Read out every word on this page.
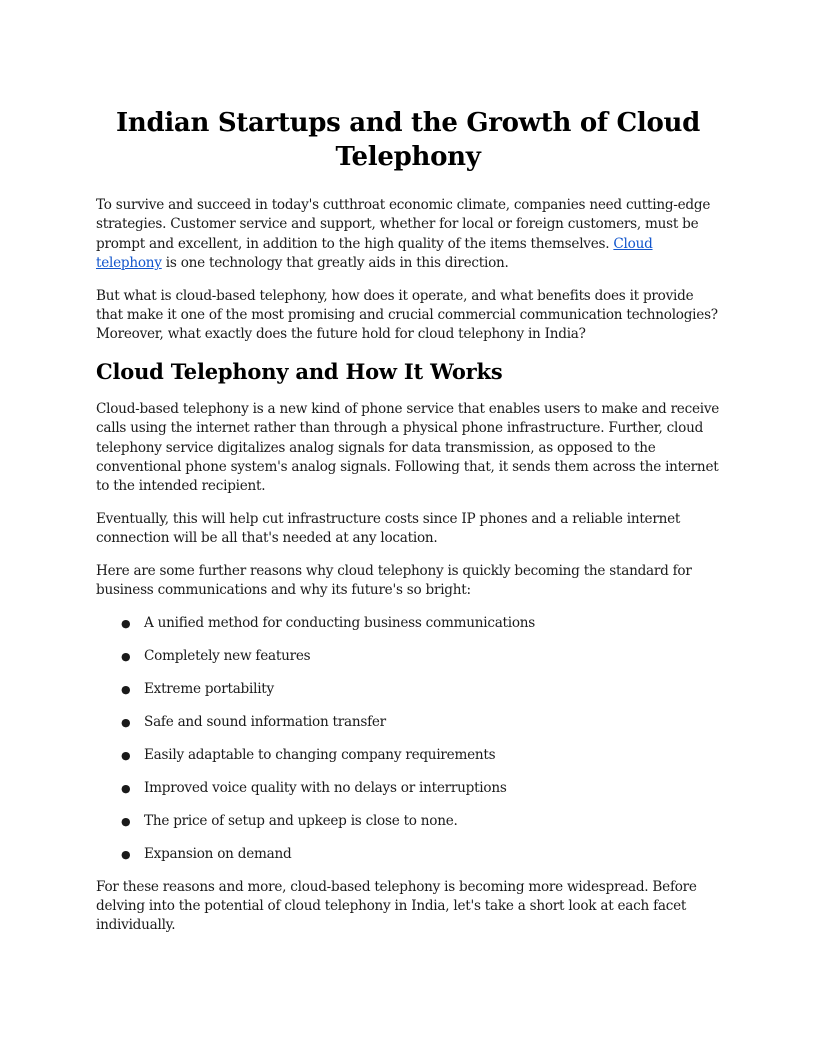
Indian Startups and the Growth of Cloud Telephony

To survive and succeed in today's cutthroat economic climate, companies need cutting-edge strategies. Customer service and support, whether for local or foreign customers, must be prompt and excellent, in addition to the high quality of the items themselves. Cloud telephony is one technology that greatly aids in this direction.

But what is cloud-based telephony, how does it operate, and what benefits does it provide that make it one of the most promising and crucial commercial communication technologies? Moreover, what exactly does the future hold for cloud telephony in India?

Cloud Telephony and How It Works

Cloud-based telephony is a new kind of phone service that enables users to make and receive calls using the internet rather than through a physical phone infrastructure. Further, cloud telephony service digitalizes analog signals for data transmission, as opposed to the conventional phone system's analog signals. Following that, it sends them across the internet to the intended recipient.

Eventually, this will help cut infrastructure costs since IP phones and a reliable internet connection will be all that's needed at any location.

Here are some further reasons why cloud telephony is quickly becoming the standard for business communications and why its future's so bright:

● A unified method for conducting business communications
● Completely new features
● Extreme portability
● Safe and sound information transfer
● Easily adaptable to changing company requirements
● Improved voice quality with no delays or interruptions
● The price of setup and upkeep is close to none.
● Expansion on demand

For these reasons and more, cloud-based telephony is becoming more widespread. Before delving into the potential of cloud telephony in India, let's take a short look at each facet individually.
